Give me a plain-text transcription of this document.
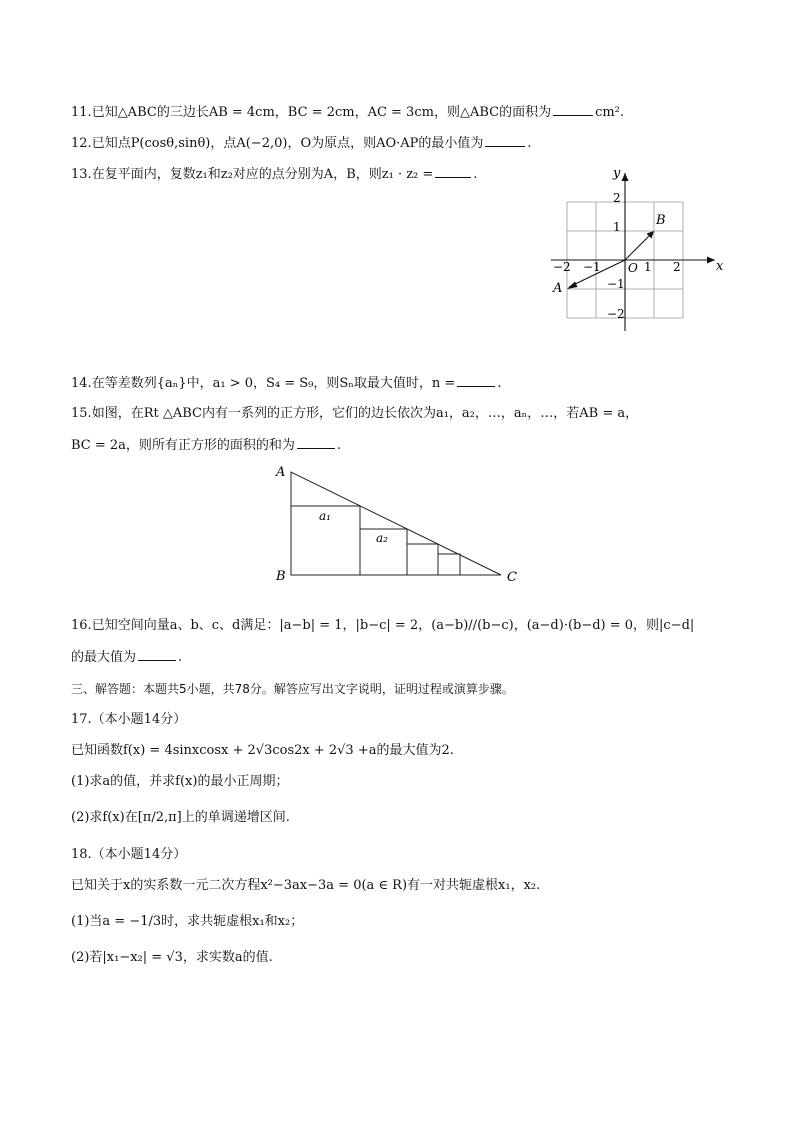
11.已知△ABC的三边长AB = 4cm，BC = 2cm，AC = 3cm，则△ABC的面积为	cm².
12.已知点P(cosθ,sinθ)，点A(−2,0)，O为原点，则AO·AP的最小值为	.
13.在复平面内，复数z₁和z₂对应的点分别为A，B，则z₁ · z₂ =	.
x
y
O
−2 −1	1 2
2
1
−1
−2
A
B
14.在等差数列{aₙ}中，a₁ > 0，S₄ = S₉，则Sₙ取最大值时，n =	.
15.如图，在Rt △ABC内有一系列的正方形，它们的边长依次为a₁，a₂，…，aₙ，…，若AB = a，
BC = 2a，则所有正方形的面积的和为	.
A
B	C
a₁
a₂
16.已知空间向量a、b、c、d满足：|a−b| = 1，|b−c| = 2，(a−b)//(b−c)，(a−d)·(b−d) = 0，则|c−d|
的最大值为	.
三、解答题：本题共5小题，共78分。解答应写出文字说明，证明过程或演算步骤。
17.（本小题14分）
已知函数f(x) = 4sinxcosx + 2√3cos2x + 2√3 +a的最大值为2.
(1)求a的值，并求f(x)的最小正周期；
(2)求f(x)在[π/2,π]上的单调递增区间.
18.（本小题14分）
已知关于x的实系数一元二次方程x²−3ax−3a = 0(a ∈ R)有一对共轭虚根x₁，x₂.
(1)当a = −1/3时，求共轭虚根x₁和x₂；
(2)若|x₁−x₂| = √3，求实数a的值.
